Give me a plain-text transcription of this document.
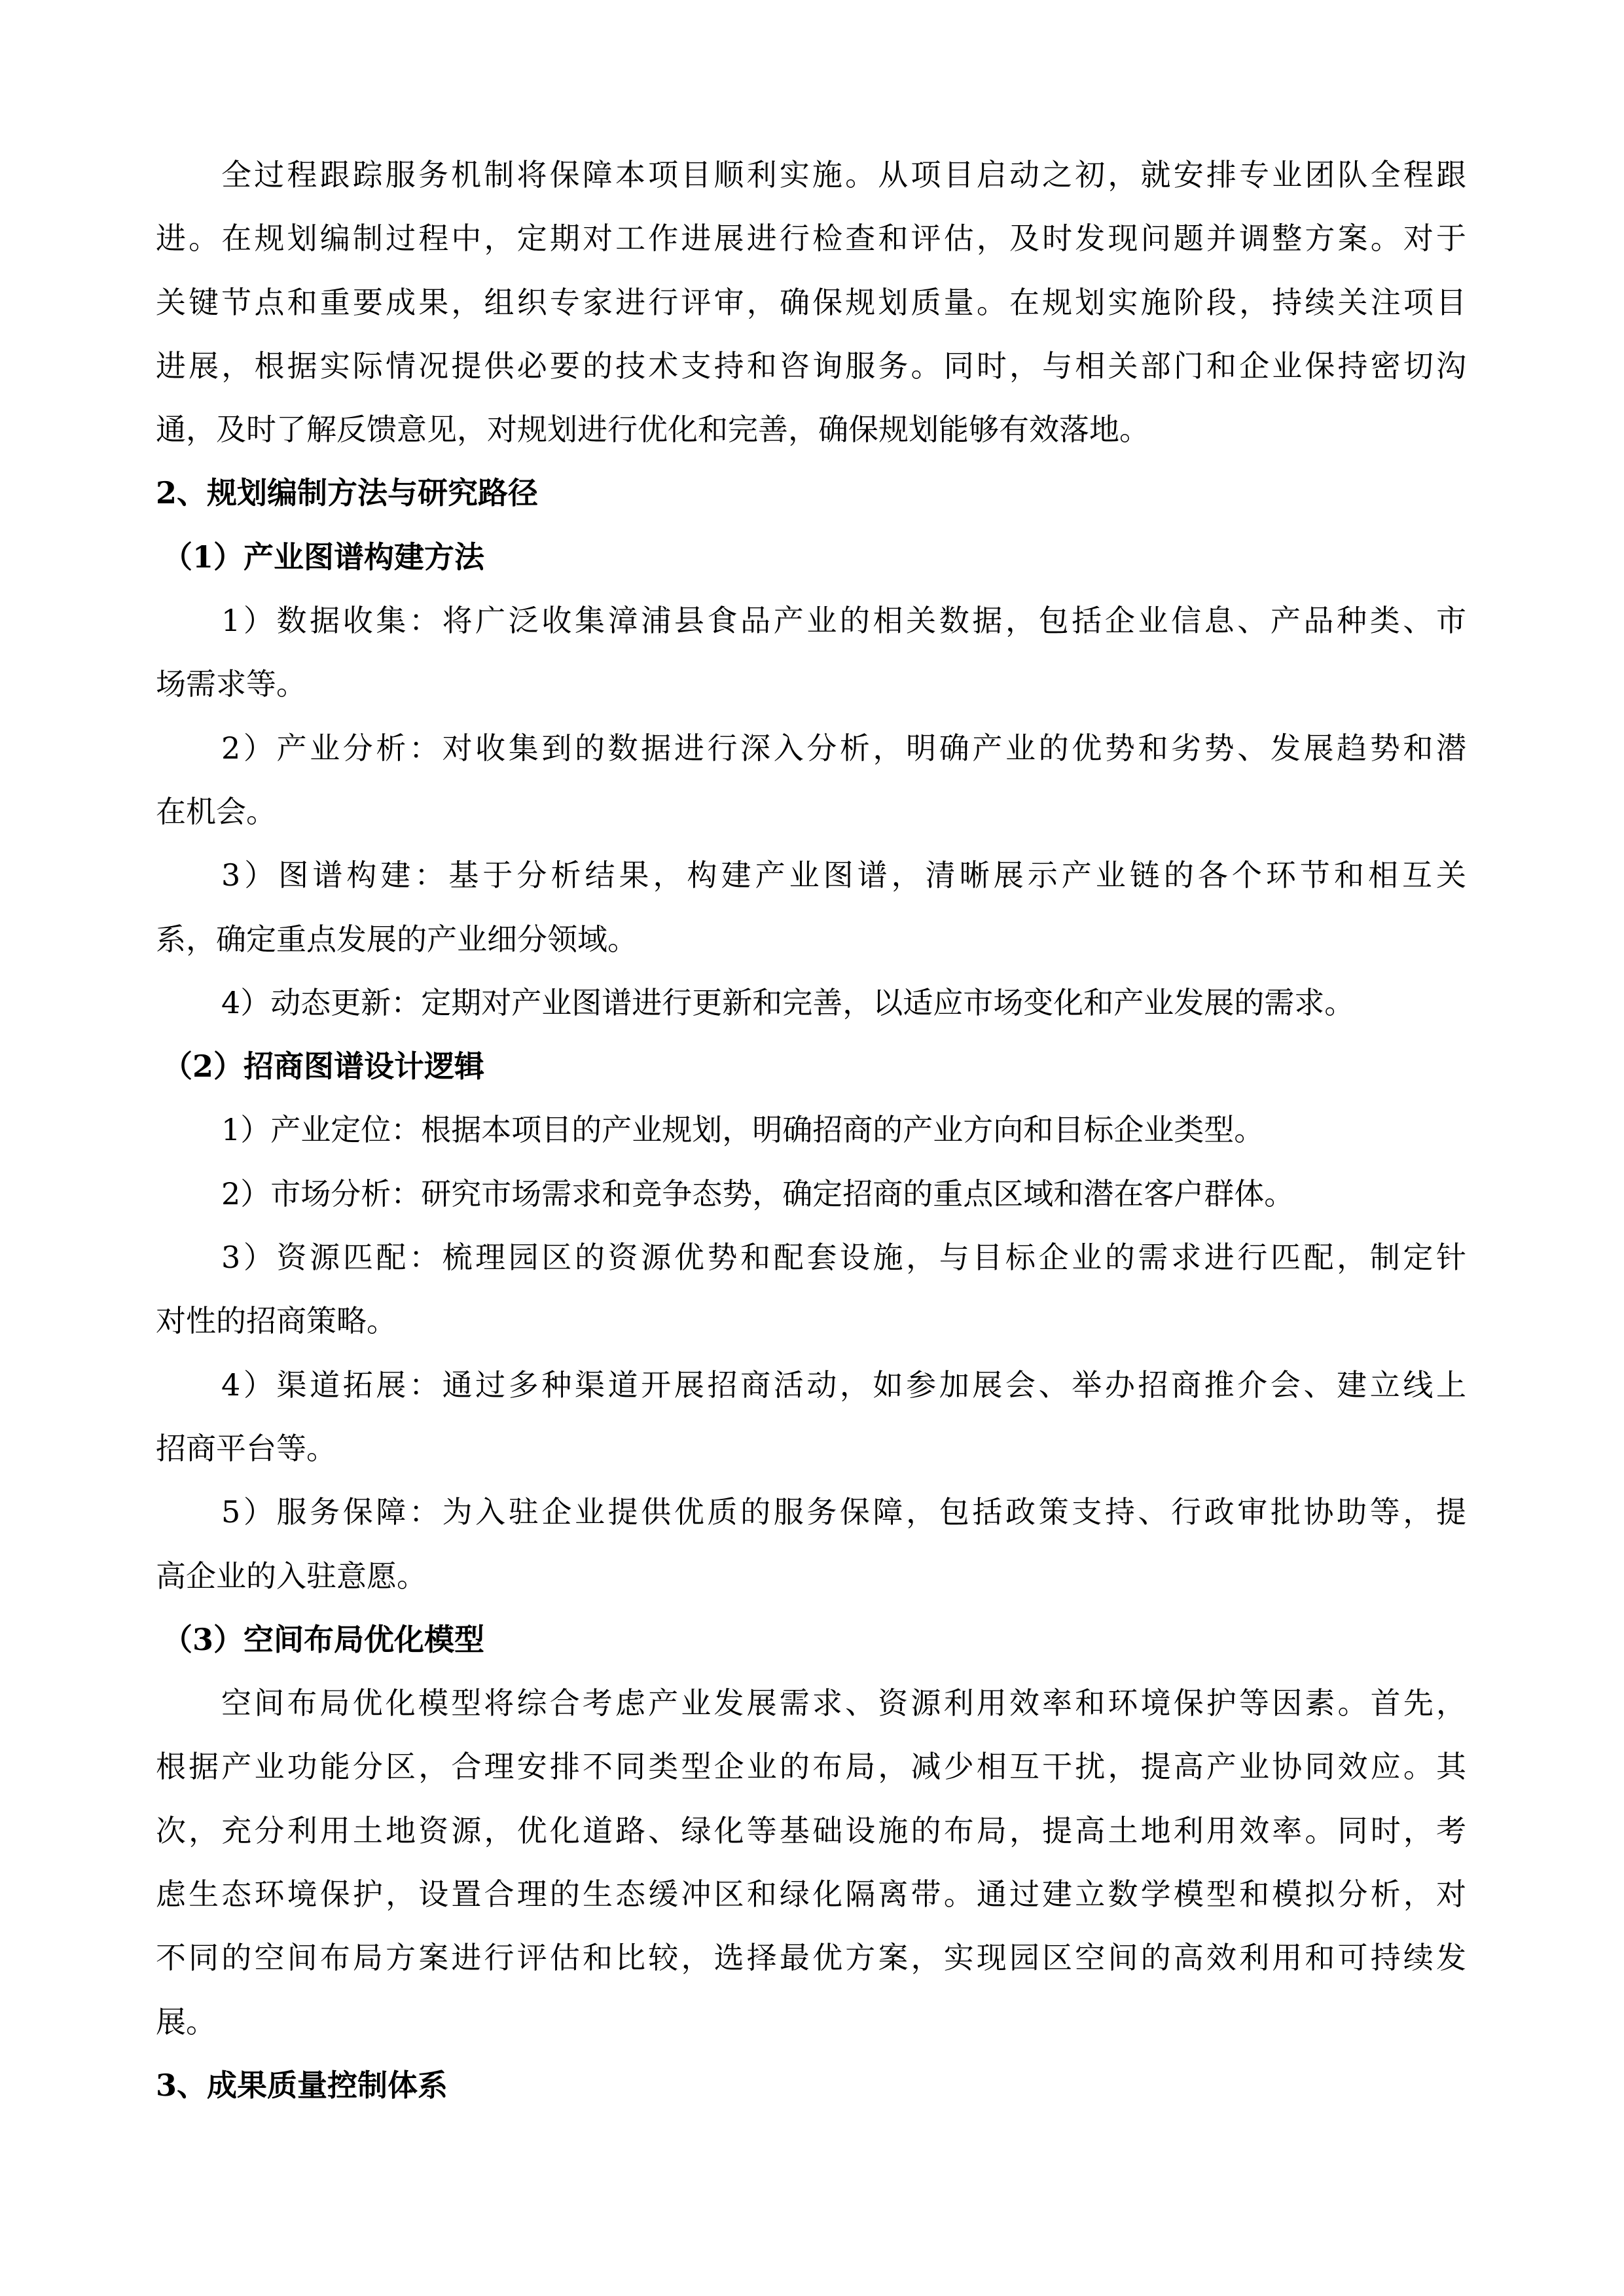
全过程跟踪服务机制将保障本项目顺利实施。从项目启动之初，就安排专业团队全程跟
进。在规划编制过程中，定期对工作进展进行检查和评估，及时发现问题并调整方案。对于
关键节点和重要成果，组织专家进行评审，确保规划质量。在规划实施阶段，持续关注项目
进展，根据实际情况提供必要的技术支持和咨询服务。同时，与相关部门和企业保持密切沟
通，及时了解反馈意见，对规划进行优化和完善，确保规划能够有效落地。
2、规划编制方法与研究路径
（1）产业图谱构建方法
1）数据收集：将广泛收集漳浦县食品产业的相关数据，包括企业信息、产品种类、市
场需求等。
2）产业分析：对收集到的数据进行深入分析，明确产业的优势和劣势、发展趋势和潜
在机会。
3）图谱构建：基于分析结果，构建产业图谱，清晰展示产业链的各个环节和相互关
系，确定重点发展的产业细分领域。
4）动态更新：定期对产业图谱进行更新和完善，以适应市场变化和产业发展的需求。
（2）招商图谱设计逻辑
1）产业定位：根据本项目的产业规划，明确招商的产业方向和目标企业类型。
2）市场分析：研究市场需求和竞争态势，确定招商的重点区域和潜在客户群体。
3）资源匹配：梳理园区的资源优势和配套设施，与目标企业的需求进行匹配，制定针
对性的招商策略。
4）渠道拓展：通过多种渠道开展招商活动，如参加展会、举办招商推介会、建立线上
招商平台等。
5）服务保障：为入驻企业提供优质的服务保障，包括政策支持、行政审批协助等，提
高企业的入驻意愿。
（3）空间布局优化模型
空间布局优化模型将综合考虑产业发展需求、资源利用效率和环境保护等因素。首先，
根据产业功能分区，合理安排不同类型企业的布局，减少相互干扰，提高产业协同效应。其
次，充分利用土地资源，优化道路、绿化等基础设施的布局，提高土地利用效率。同时，考
虑生态环境保护，设置合理的生态缓冲区和绿化隔离带。通过建立数学模型和模拟分析，对
不同的空间布局方案进行评估和比较，选择最优方案，实现园区空间的高效利用和可持续发
展。
3、成果质量控制体系
